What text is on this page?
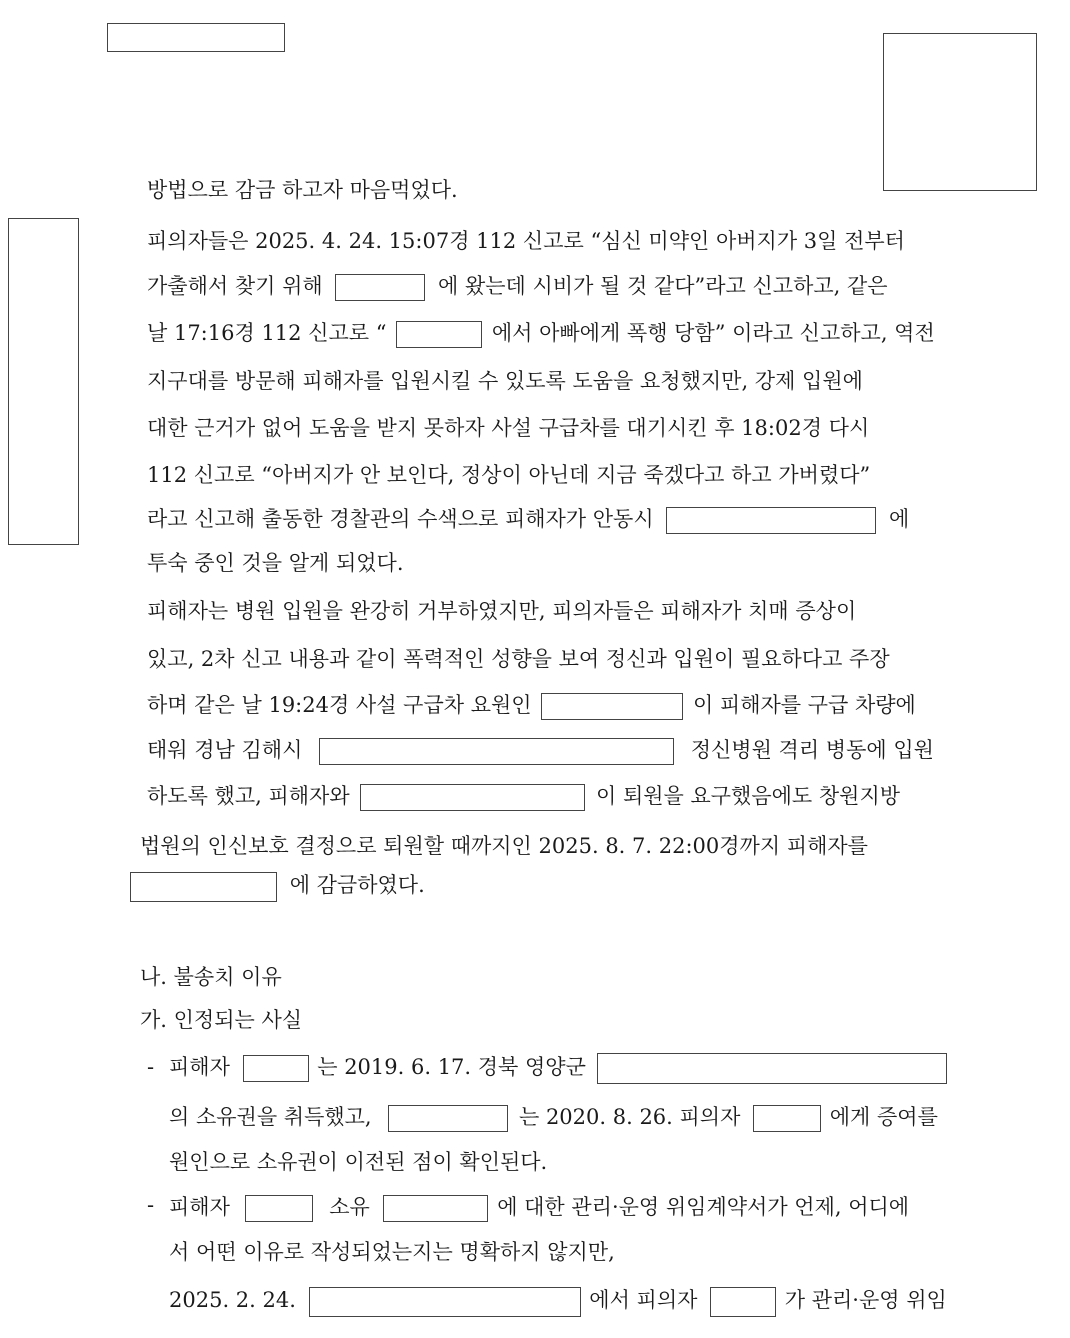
방법으로 감금 하고자 마음먹었다.
피의자들은 2025. 4. 24. 15:07경 112 신고로 “심신 미약인 아버지가 3일 전부터
가출해서 찾기 위해	에 왔는데 시비가 될 것 같다”라고 신고하고, 같은
날 17:16경 112 신고로 “	에서 아빠에게 폭행 당함” 이라고 신고하고, 역전
지구대를 방문해 피해자를 입원시킬 수 있도록 도움을 요청했지만, 강제 입원에
대한 근거가 없어 도움을 받지 못하자 사설 구급차를 대기시킨 후 18:02경 다시
112 신고로 “아버지가 안 보인다, 정상이 아닌데 지금 죽겠다고 하고 가버렸다”
라고 신고해 출동한 경찰관의 수색으로 피해자가 안동시	에
투숙 중인 것을 알게 되었다.
피해자는 병원 입원을 완강히 거부하였지만, 피의자들은 피해자가 치매 증상이
있고, 2차 신고 내용과 같이 폭력적인 성향을 보여 정신과 입원이 필요하다고 주장
하며 같은 날 19:24경 사설 구급차 요원인	이 피해자를 구급 차량에
태워 경남 김해시	정신병원 격리 병동에 입원
하도록 했고, 피해자와	이 퇴원을 요구했음에도 창원지방
법원의 인신보호 결정으로 퇴원할 때까지인 2025. 8. 7. 22:00경까지 피해자를
에 감금하였다.
나. 불송치 이유
가. 인정되는 사실
- 피해자	는 2019. 6. 17. 경북 영양군
의 소유권을 취득했고,	는 2020. 8. 26. 피의자	에게 증여를
원인으로 소유권이 이전된 점이 확인된다.
- 피해자	소유	에 대한 관리·운영 위임계약서가 언제, 어디에
서 어떤 이유로 작성되었는지는 명확하지 않지만,
2025. 2. 24.	에서 피의자	가 관리·운영 위임
